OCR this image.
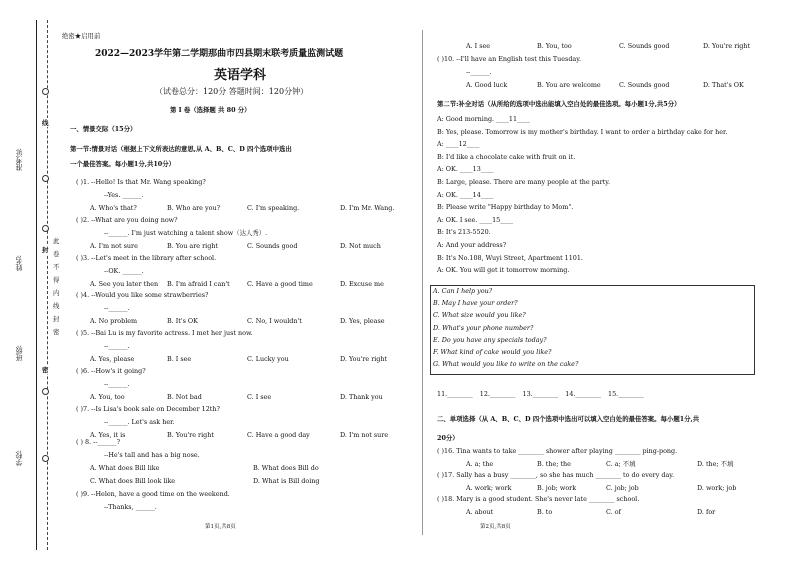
准考证:
姓名:
班级:
学校:
线
封
密
此
卷
不
得
内
线
封
密
绝密★启用前
2022—2023学年第二学期那曲市四县期末联考质量监测试题
英语学科
（试卷总分：120分 答题时间：120分钟）
第 Ⅰ 卷（选择题 共 80 分）
一、情景交际（15分）
第一节:情景对话（根据上下文所表达的意思,从 A、B、C、D 四个选项中选出
一个最佳答案。每小题1分,共10分）
( ) 8. --______?
--He's tall and has a big nose.
A. What does Bill like	B. What does Bill do
C. What does Bill look like	D. What is Bill doing
( )9. --Helen, have a good time on the weekend.
--Thanks, ______.
第1页,共8页
A. I see	B. You, too	C. Sounds good	D. You're right
( )10. --I'll have an English test this Tuesday.
--______.
A. Good luck	B. You are welcome	C. Sounds good	D. That's OK
第二节:补全对话（从所给的选项中选出能填入空白处的最佳选项。每小题1分,共5分）
11.________ 12.________ 13.________ 14.________ 15.________
二、单项选择（从 A、B、C、D 四个选项中选出可以填入空白处的最佳答案。每小题1分,共
20分）
第2页,共8页
( )1. --Hello! Is that Mr. Wang speaking?
--Yes. ______.
A. Who's that?	B. Who are you?	C. I'm speaking.	D. I'm Mr. Wang.
( )2. --What are you doing now?
--______. I'm just watching a talent show（达人秀）.
A. I'm not sure	B. You are right	C. Sounds good	D. Not much
( )3. --Let's meet in the library after school.
--OK. ______.
A. See you later then B. I'm afraid I can't	C. Have a good time	D. Excuse me
( )4. --Would you like some strawberries?
--______.
A. No problem	B. It's OK	C. No, I wouldn't	D. Yes, please
( )5. --Bai Lu is my favorite actress. I met her just now.
--______.
A. Yes, please	B. I see	C. Lucky you	D. You're right
( )6. --How's it going?
--______.
A. You, too	B. Not bad	C. I see	D. Thank you
( )7. --Is Lisa's book sale on December 12th?
--______. Let's ask her.
A. Yes, it is	B. You're right	C. Have a good day	D. I'm not sure
A: Good morning. ____11____
B: Yes, please. Tomorrow is my mother's birthday. I want to order a birthday cake for her.
A: ____12____
B: I'd like a chocolate cake with fruit on it.
A: OK. ____13____
B: Large, please. There are many people at the party.
A: OK. ____14____
B: Please write "Happy birthday to Mom".
A: OK. I see. ____15____
B: It's 213-5520.
A: And your address?
B: It's No.108, Wuyi Street, Apartment 1101.
A: OK. You will get it tomorrow morning.
A. Can I help you?
B. May I have your order?
C. What size would you like?
D. What's your phone number?
E. Do you have any specials today?
F. What kind of cake would you like?
G. What would you like to write on the cake?
( )16. Tina wants to take ________ shower after playing ________ ping-pong.
A. a; the	B. the; the	C. a; 不填	D. the; 不填
( )17. Sally has a busy ________, so she has much ________ to do every day.
A. work; work	B. job; work	C. job; job	D. work; job
( )18. Mary is a good student. She's never late ________ school.
A. about	B. to	C. of	D. for
